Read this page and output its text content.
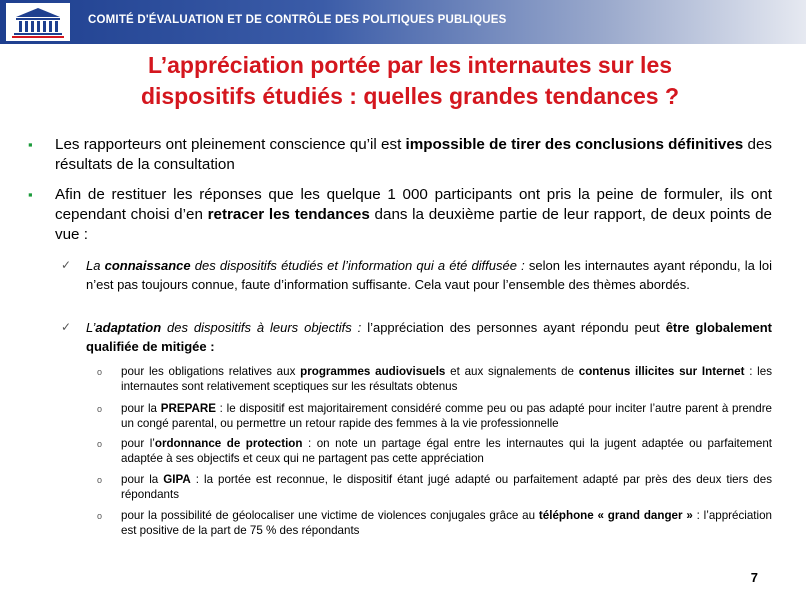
COMITÉ D'ÉVALUATION ET DE CONTRÔLE DES POLITIQUES PUBLIQUES
L’appréciation portée par les internautes sur les
dispositifs étudiés : quelles grandes tendances ?
▪ Les rapporteurs ont pleinement conscience qu’il est impossible de tirer des conclusions définitives des résultats de la consultation
▪ Afin de restituer les réponses que les quelque 1 000 participants ont pris la peine de formuler, ils ont cependant choisi d’en retracer les tendances dans la deuxième partie de leur rapport, de deux points de vue :
✓ La connaissance des dispositifs étudiés et l’information qui a été diffusée : selon les internautes ayant répondu, la loi n’est pas toujours connue, faute d’information suffisante. Cela vaut pour l’ensemble des thèmes abordés.
✓ L’adaptation des dispositifs à leurs objectifs : l’appréciation des personnes ayant répondu peut être globalement qualifiée de mitigée :
o pour les obligations relatives aux programmes audiovisuels et aux signalements de contenus illicites sur Internet : les internautes sont relativement sceptiques sur les résultats obtenus
o pour la PREPARE : le dispositif est majoritairement considéré comme peu ou pas adapté pour inciter l’autre parent à prendre un congé parental, ou permettre un retour rapide des femmes à la vie professionnelle
o pour l’ordonnance de protection : on note un partage égal entre les internautes qui la jugent adaptée ou parfaitement adaptée à ses objectifs et ceux qui ne partagent pas cette appréciation
o pour la GIPA : la portée est reconnue, le dispositif étant jugé adapté ou parfaitement adapté par près des deux tiers des répondants
o pour la possibilité de géolocaliser une victime de violences conjugales grâce au téléphone « grand danger » : l’appréciation est positive de la part de 75 % des répondants
7
